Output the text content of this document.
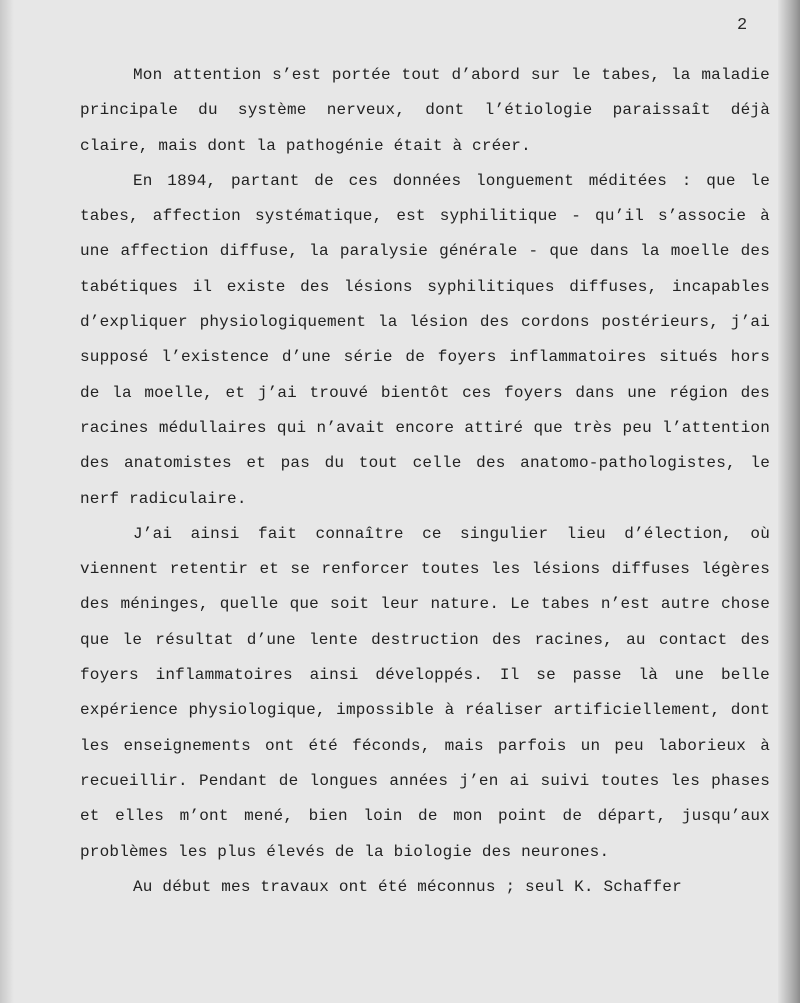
2

Mon attention s’est portée tout d’abord sur le tabes, la maladie principale du système nerveux, dont l’étiologie paraissaît déjà claire, mais dont la pathogénie était à créer.

En 1894, partant de ces données longuement méditées : que le tabes, affection systématique, est syphilitique - qu’il s’associe à une affection diffuse, la paralysie générale - que dans la moelle des tabétiques il existe des lésions syphilitiques diffuses, incapables d’expliquer physiologiquement la lésion des cordons postérieurs, j’ai supposé l’existence d’une série de foyers inflammatoires situés hors de la moelle, et j’ai trouvé bientôt ces foyers dans une région des racines médullaires qui n’avait encore attiré que très peu l’attention des anatomistes et pas du tout celle des anatomo-pathologistes, le nerf radiculaire.

J’ai ainsi fait connaître ce singulier lieu d’élection, où viennent retentir et se renforcer toutes les lésions diffuses légères des méninges, quelle que soit leur nature. Le tabes n’est autre chose que le résultat d’une lente destruction des racines, au contact des foyers inflammatoires ainsi développés. Il se passe là une belle expérience physiologique, impossible à réaliser artificiellement, dont les enseignements ont été féconds, mais parfois un peu laborieux à recueillir. Pendant de longues années j’en ai suivi toutes les phases et elles m’ont mené, bien loin de mon point de départ, jusqu’aux problèmes les plus élevés de la biologie des neurones.

Au début mes travaux ont été méconnus ; seul K. Schaffer
